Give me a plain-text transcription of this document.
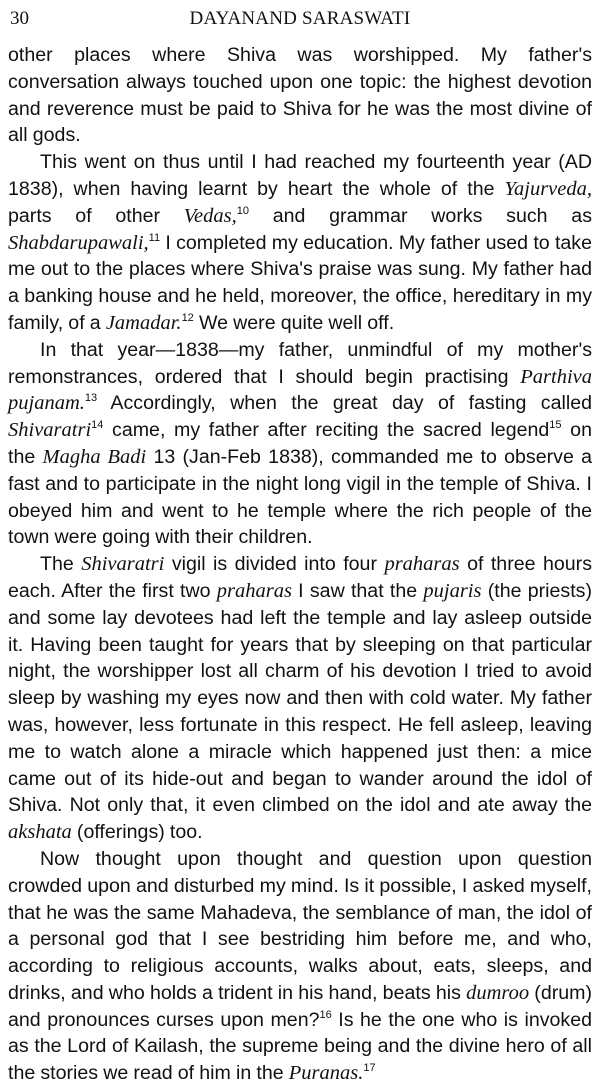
30	DAYANAND SARASWATI

other places where Shiva was worshipped. My father's conversation always touched upon one topic: the highest devotion and reverence must be paid to Shiva for he was the most divine of all gods.

This went on thus until I had reached my fourteenth year (AD 1838), when having learnt by heart the whole of the Yajurveda, parts of other Vedas,$^{10}$ and grammar works such as Shabdarupawali,$^{11}$ I completed my education. My father used to take me out to the places where Shiva's praise was sung. My father had a banking house and he held, moreover, the office, hereditary in my family, of a Jamadar.$^{12}$ We were quite well off.

In that year—1838—my father, unmindful of my mother's remonstrances, ordered that I should begin practising Parthiva pujanam.$^{13}$ Accordingly, when the great day of fasting called Shivaratri$^{14}$ came, my father after reciting the sacred legend$^{15}$ on the Magha Badi 13 (Jan-Feb 1838), commanded me to observe a fast and to participate in the night long vigil in the temple of Shiva. I obeyed him and went to he temple where the rich people of the town were going with their children.

The Shivaratri vigil is divided into four praharas of three hours each. After the first two praharas I saw that the pujaris (the priests) and some lay devotees had left the temple and lay asleep outside it. Having been taught for years that by sleeping on that particular night, the worshipper lost all charm of his devotion I tried to avoid sleep by washing my eyes now and then with cold water. My father was, however, less fortunate in this respect. He fell asleep, leaving me to watch alone a miracle which happened just then: a mice came out of its hide-out and began to wander around the idol of Shiva. Not only that, it even climbed on the idol and ate away the akshata (offerings) too.

Now thought upon thought and question upon question crowded upon and disturbed my mind. Is it possible, I asked myself, that he was the same Mahadeva, the semblance of man, the idol of a personal god that I see bestriding him before me, and who, according to religious accounts, walks about, eats, sleeps, and drinks, and who holds a trident in his hand, beats his dumroo (drum) and pronounces curses upon men?$^{16}$ Is he the one who is invoked as the Lord of Kailash, the supreme being and the divine hero of all the stories we read of him in the Puranas.$^{17}$
